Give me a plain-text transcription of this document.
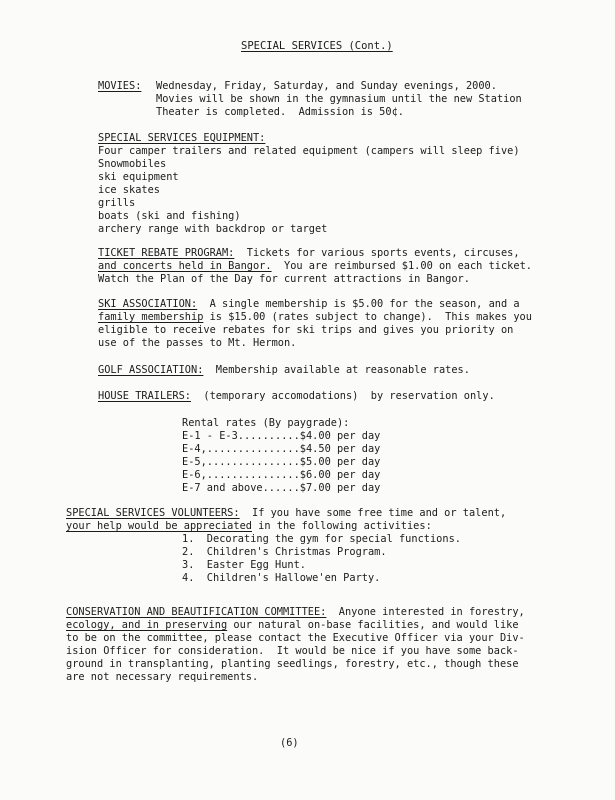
SPECIAL SERVICES (Cont.)
MOVIES: Wednesday, Friday, Saturday, and Sunday evenings, 2000.
Movies will be shown in the gymnasium until the new Station
Theater is completed.  Admission is 50¢.
SPECIAL SERVICES EQUIPMENT:
Four camper trailers and related equipment (campers will sleep five)
Snowmobiles
ski equipment
ice skates
grills
boats (ski and fishing)
archery range with backdrop or target
TICKET REBATE PROGRAM:  Tickets for various sports events, circuses,
and concerts held in Bangor.  You are reimbursed $1.00 on each ticket.
Watch the Plan of the Day for current attractions in Bangor.
SKI ASSOCIATION:  A single membership is $5.00 for the season, and a
family membership is $15.00 (rates subject to change).  This makes you
eligible to receive rebates for ski trips and gives you priority on
use of the passes to Mt. Hermon.
GOLF ASSOCIATION:  Membership available at reasonable rates.
HOUSE TRAILERS:  (temporary accomodations)  by reservation only.
Rental rates (By paygrade):
E-1 - E-3..........$4.00 per day
E-4,...............$4.50 per day
E-5,...............$5.00 per day
E-6,...............$6.00 per day
E-7 and above......$7.00 per day
SPECIAL SERVICES VOLUNTEERS:  If you have some free time and or talent,
your help would be appreciated in the following activities:
1.  Decorating the gym for special functions.
2.  Children's Christmas Program.
3.  Easter Egg Hunt.
4.  Children's Hallowe'en Party.
CONSERVATION AND BEAUTIFICATION COMMITTEE:  Anyone interested in forestry,
ecology, and in preserving our natural on-base facilities, and would like
to be on the committee, please contact the Executive Officer via your Div-
ision Officer for consideration.  It would be nice if you have some back-
ground in transplanting, planting seedlings, forestry, etc., though these
are not necessary requirements.
(6)
